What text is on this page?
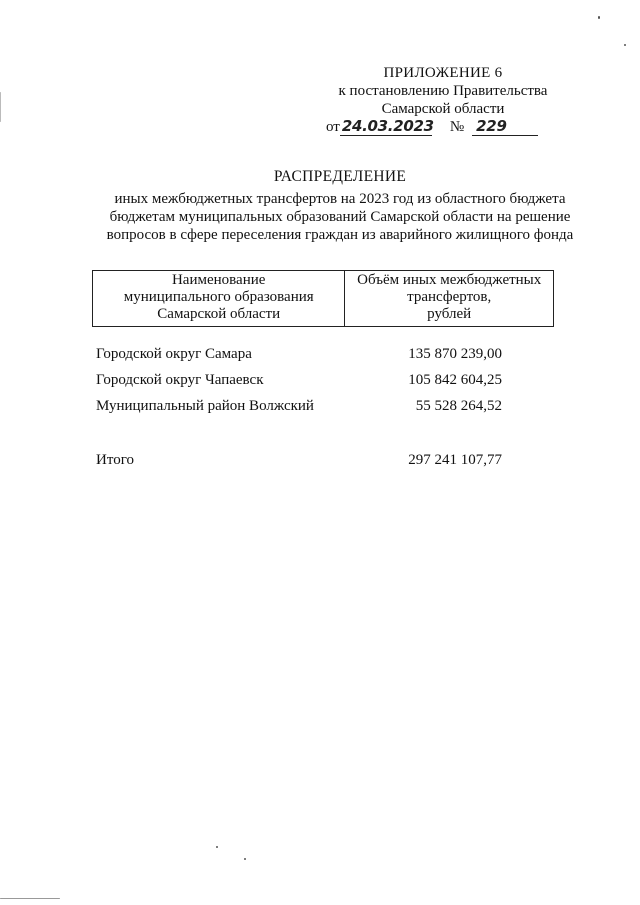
ПРИЛОЖЕНИЕ 6
к постановлению Правительства
Самарской области
от 24.03.2023 № 229
РАСПРЕДЕЛЕНИЕ
иных межбюджетных трансфертов на 2023 год из областного бюджета
бюджетам муниципальных образований Самарской области на решение
вопросов в сфере переселения граждан из аварийного жилищного фонда
Наименование
муниципального образования
Самарской области

Объём иных межбюджетных
трансфертов,
рублей
Городской округ Самара	135 870 239,00
Городской округ Чапаевск	105 842 604,25
Муниципальный район Волжский	55 528 264,52
Итого	297 241 107,77
